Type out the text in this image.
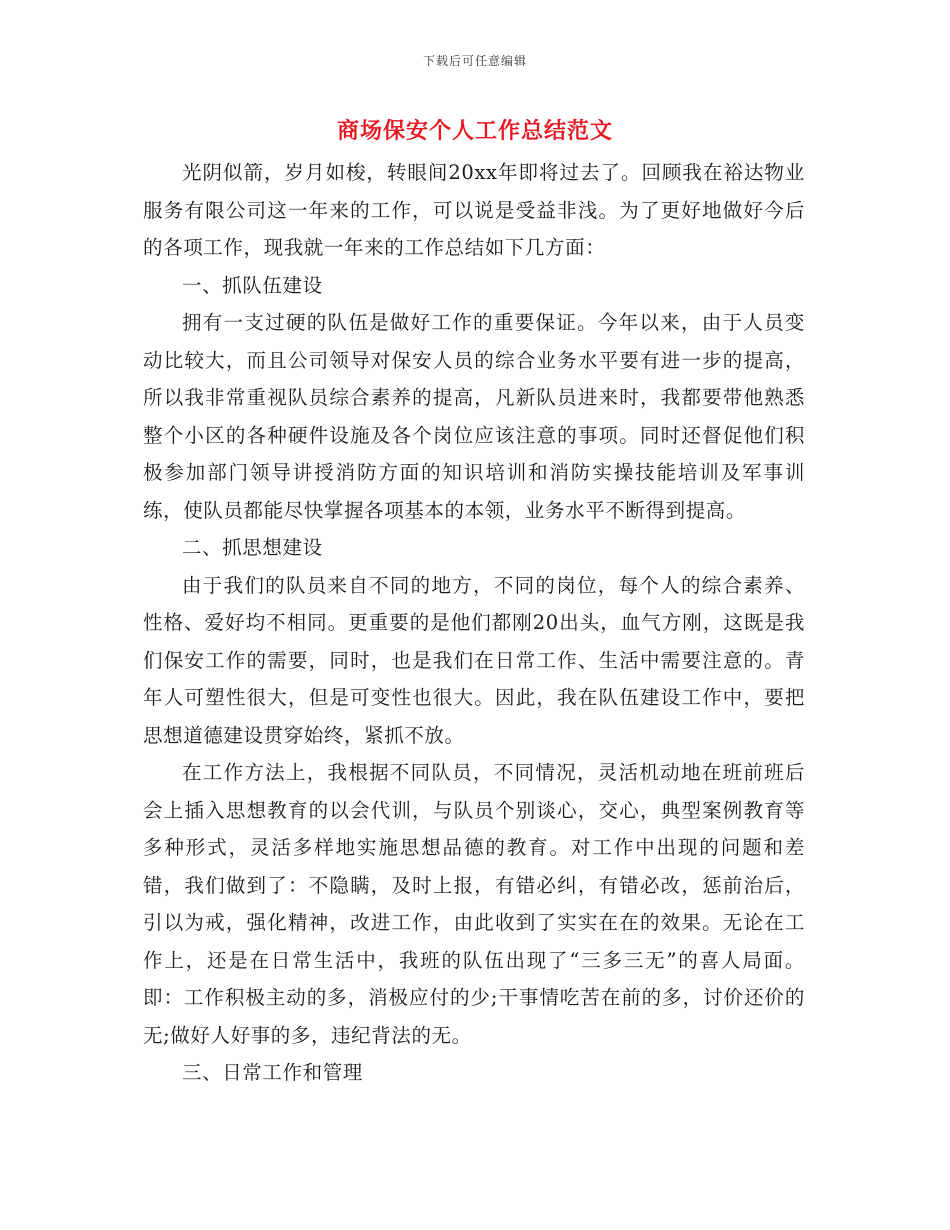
下载后可任意编辑
商场保安个人工作总结范文

光阴似箭，岁月如梭，转眼间20xx年即将过去了。回顾我在裕达物业服务有限公司这一年来的工作，可以说是受益非浅。为了更好地做好今后的各项工作，现我就一年来的工作总结如下几方面：

一、抓队伍建设

拥有一支过硬的队伍是做好工作的重要保证。今年以来，由于人员变动比较大，而且公司领导对保安人员的综合业务水平要有进一步的提高，所以我非常重视队员综合素养的提高，凡新队员进来时，我都要带他熟悉整个小区的各种硬件设施及各个岗位应该注意的事项。同时还督促他们积极参加部门领导讲授消防方面的知识培训和消防实操技能培训及军事训练，使队员都能尽快掌握各项基本的本领，业务水平不断得到提高。

二、抓思想建设

由于我们的队员来自不同的地方，不同的岗位，每个人的综合素养、性格、爱好均不相同。更重要的是他们都刚20出头，血气方刚，这既是我们保安工作的需要，同时，也是我们在日常工作、生活中需要注意的。青年人可塑性很大，但是可变性也很大。因此，我在队伍建设工作中，要把思想道德建设贯穿始终，紧抓不放。

在工作方法上，我根据不同队员，不同情况，灵活机动地在班前班后会上插入思想教育的以会代训，与队员个别谈心，交心，典型案例教育等多种形式，灵活多样地实施思想品德的教育。对工作中出现的问题和差错，我们做到了：不隐瞒，及时上报，有错必纠，有错必改，惩前治后，引以为戒，强化精神，改进工作，由此收到了实实在在的效果。无论在工作上，还是在日常生活中，我班的队伍出现了“三多三无”的喜人局面。即：工作积极主动的多，消极应付的少;干事情吃苦在前的多，讨价还价的无;做好人好事的多，违纪背法的无。

三、日常工作和管理
